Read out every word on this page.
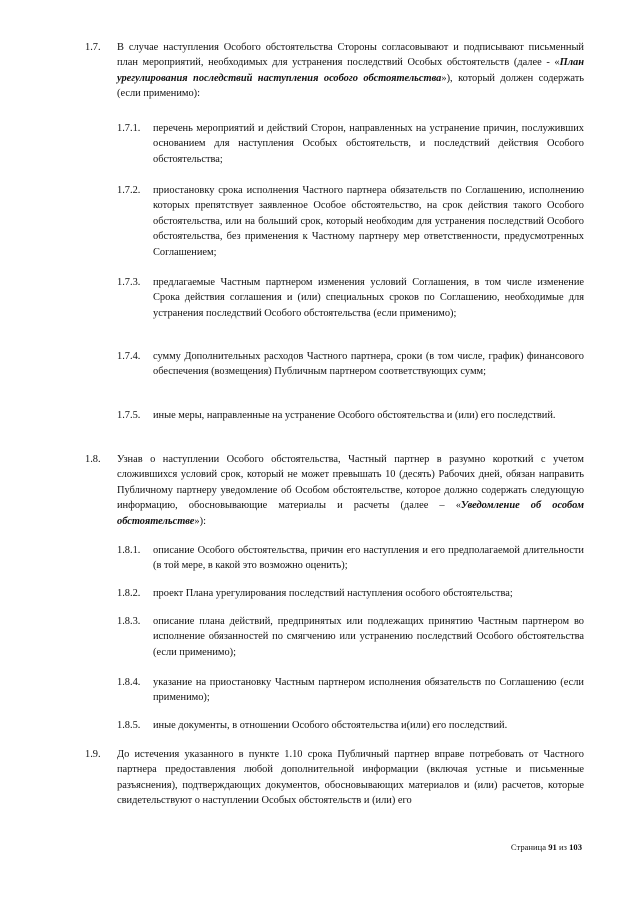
1.7. В случае наступления Особого обстоятельства Стороны согласовывают и подписывают письменный план мероприятий, необходимых для устранения последствий Особых обстоятельств (далее - «План урегулирования последствий наступления особого обстоятельства»), который должен содержать (если применимо):
1.7.1. перечень мероприятий и действий Сторон, направленных на устранение причин, послуживших основанием для наступления Особых обстоятельств, и последствий действия Особого обстоятельства;
1.7.2. приостановку срока исполнения Частного партнера обязательств по Соглашению, исполнению которых препятствует заявленное Особое обстоятельство, на срок действия такого Особого обстоятельства, или на больший срок, который необходим для устранения последствий Особого обстоятельства, без применения к Частному партнеру мер ответственности, предусмотренных Соглашением;
1.7.3. предлагаемые Частным партнером изменения условий Соглашения, в том числе изменение Срока действия соглашения и (или) специальных сроков по Соглашению, необходимые для устранения последствий Особого обстоятельства (если применимо);
1.7.4. сумму Дополнительных расходов Частного партнера, сроки (в том числе, график) финансового обеспечения (возмещения) Публичным партнером соответствующих сумм;
1.7.5. иные меры, направленные на устранение Особого обстоятельства и (или) его последствий.
1.8. Узнав о наступлении Особого обстоятельства, Частный партнер в разумно короткий с учетом сложившихся условий срок, который не может превышать 10 (десять) Рабочих дней, обязан направить Публичному партнеру уведомление об Особом обстоятельстве, которое должно содержать следующую информацию, обосновывающие материалы и расчеты (далее – «Уведомление об особом обстоятельстве»):
1.8.1. описание Особого обстоятельства, причин его наступления и его предполагаемой длительности (в той мере, в какой это возможно оценить);
1.8.2. проект Плана урегулирования последствий наступления особого обстоятельства;
1.8.3. описание плана действий, предпринятых или подлежащих принятию Частным партнером во исполнение обязанностей по смягчению или устранению последствий Особого обстоятельства (если применимо);
1.8.4. указание на приостановку Частным партнером исполнения обязательств по Соглашению (если применимо);
1.8.5. иные документы, в отношении Особого обстоятельства и(или) его последствий.
1.9. До истечения указанного в пункте 1.10 срока Публичный партнер вправе потребовать от Частного партнера предоставления любой дополнительной информации (включая устные и письменные разъяснения), подтверждающих документов, обосновывающих материалов и (или) расчетов, которые свидетельствуют о наступлении Особых обстоятельств и (или) его
Страница 91 из 103
